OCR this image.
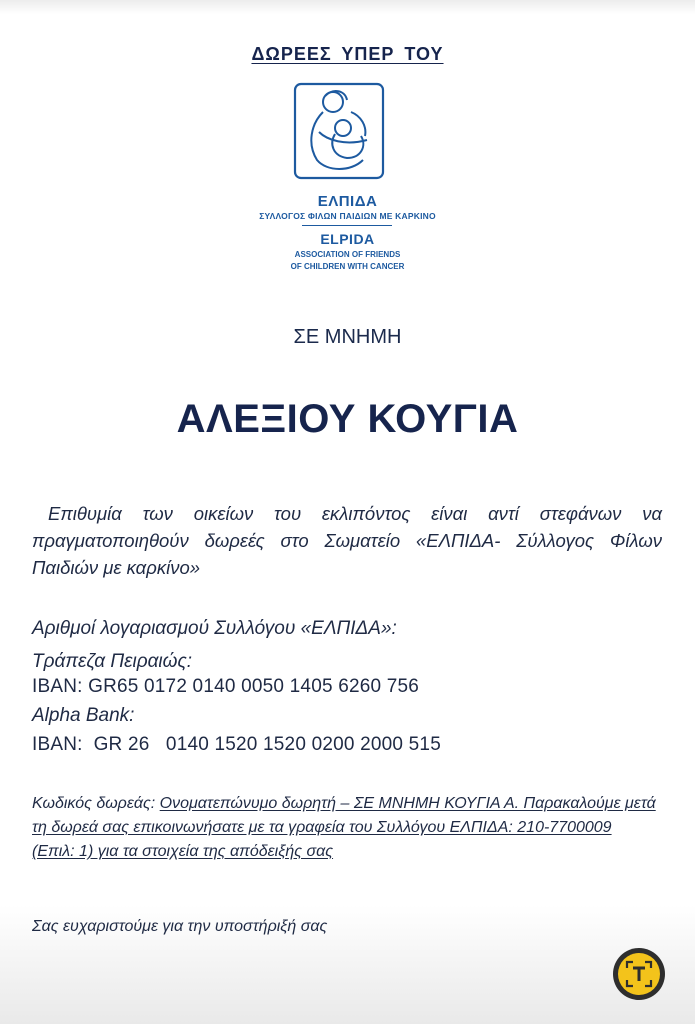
ΔΩΡΕΕΣ ΥΠΕΡ ΤΟΥ
ΕΛΠΙΔΑ
ΣΥΛΛΟΓΟΣ ΦΙΛΩΝ ΠΑΙΔΙΩΝ ΜΕ ΚΑΡΚΙΝΟ
ELPIDA
ASSOCIATION OF FRIENDS
OF CHILDREN WITH CANCER
ΣΕ ΜΝΗΜΗ
ΑΛΕΞΙΟΥ ΚΟΥΓΙΑ
Επιθυμία των οικείων του εκλιπόντος είναι αντί στεφάνων να πραγματοποιηθούν δωρεές στο Σωματείο «ΕΛΠΙΔΑ- Σύλλογος Φίλων Παιδιών με καρκίνο»
Αριθμοί λογαριασμού Συλλόγου «ΕΛΠΙΔΑ»:
Τράπεζα Πειραιώς:
IBAN: GR65 0172 0140 0050 1405 6260 756
Alpha Bank:
IBAN:  GR 26   0140 1520 1520 0200 2000 515
Κωδικός δωρεάς: Ονοματεπώνυμο δωρητή – ΣΕ ΜΝΗΜΗ ΚΟΥΓΙΑ Α. Παρακαλούμε μετά τη δωρεά σας επικοινωνήσατε με τα γραφεία του Συλλόγου ΕΛΠΙΔΑ: 210-7700009 (Επιλ: 1) για τα στοιχεία της απόδειξής σας
Σας ευχαριστούμε για την υποστήριξή σας
